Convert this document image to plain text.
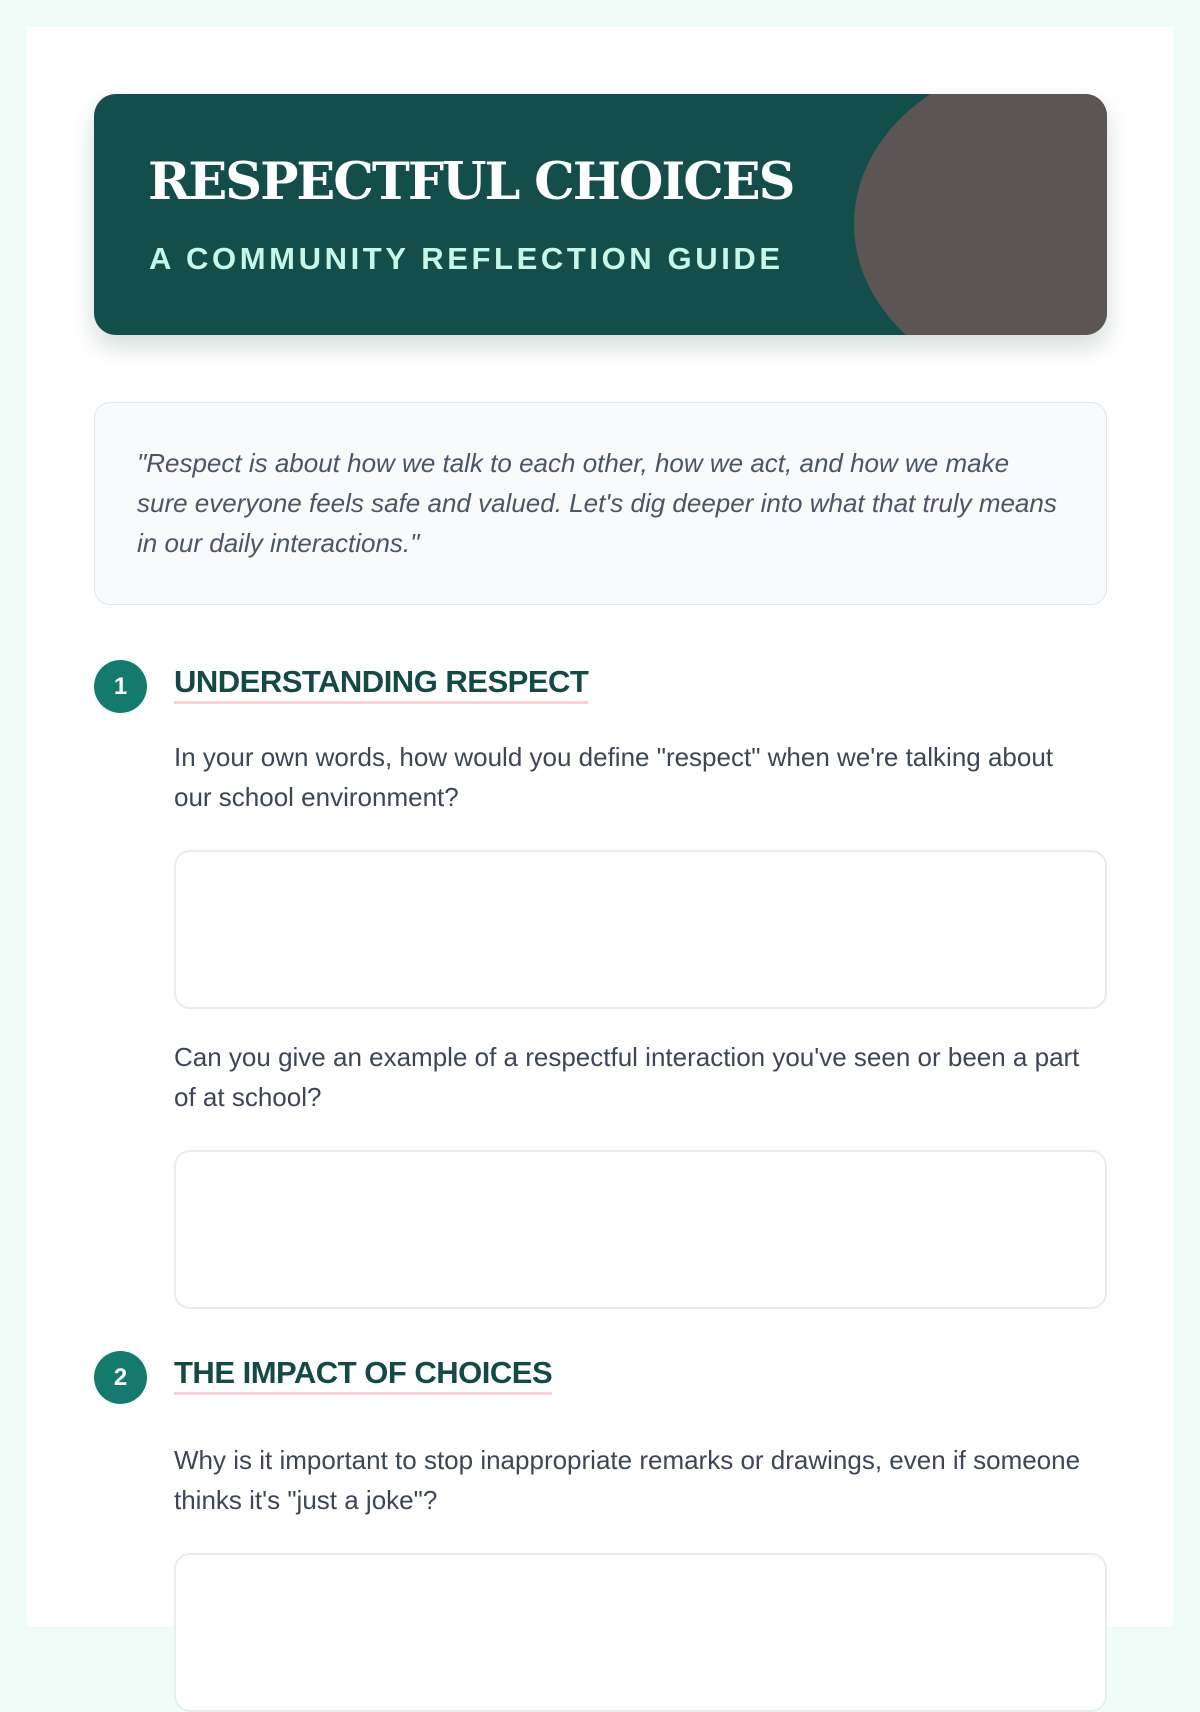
RESPECTFUL CHOICES
A COMMUNITY REFLECTION GUIDE

"Respect is about how we talk to each other, how we act, and how we make sure everyone feels safe and valued. Let's dig deeper into what that truly means in our daily interactions."

1	UNDERSTANDING RESPECT
In your own words, how would you define "respect" when we're talking about our school environment?
Can you give an example of a respectful interaction you've seen or been a part of at school?
2	THE IMPACT OF CHOICES
Why is it important to stop inappropriate remarks or drawings, even if someone thinks it's "just a joke"?
